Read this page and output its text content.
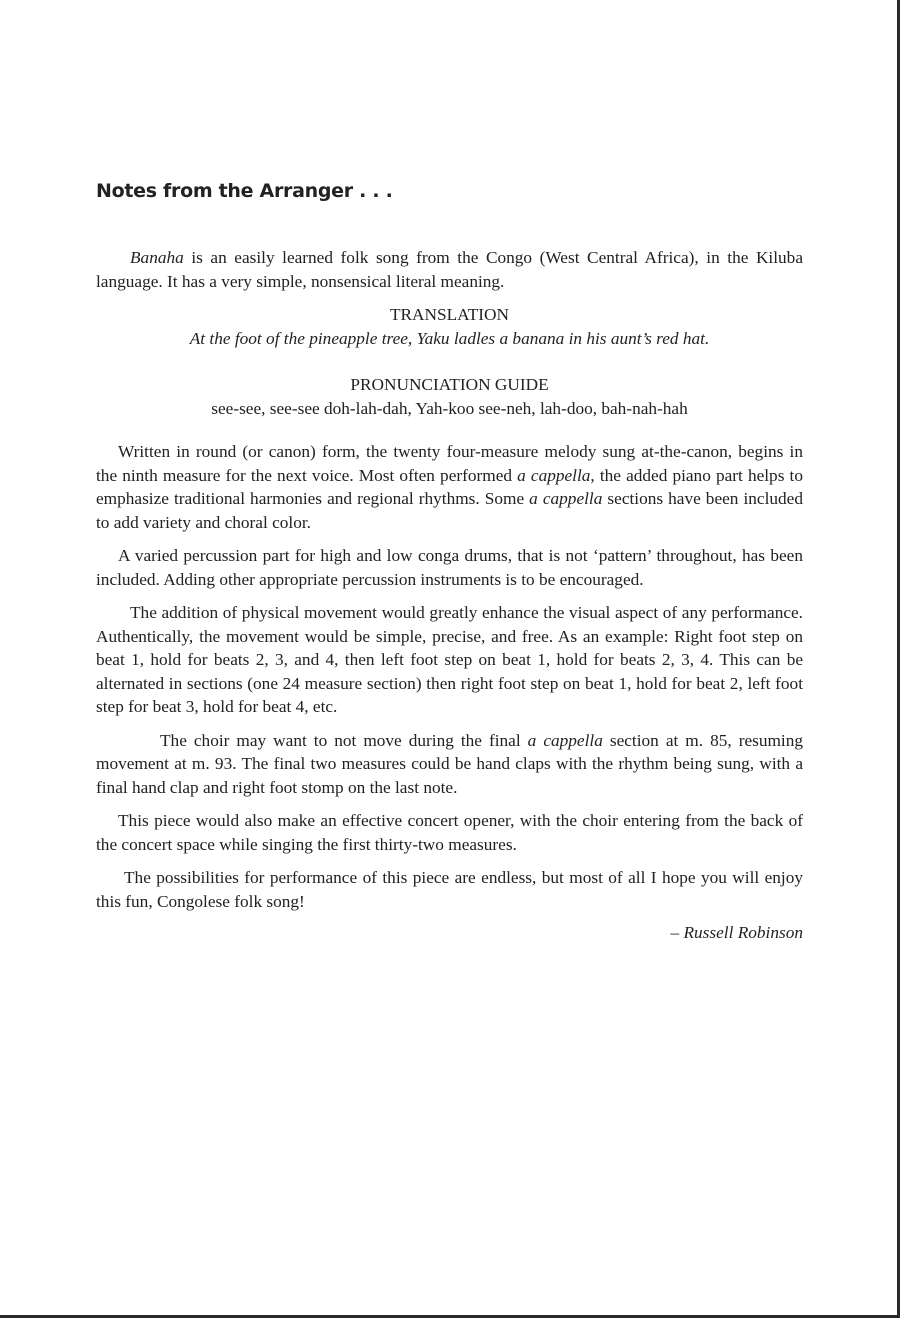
Notes from the Arranger . . .

Banaha is an easily learned folk song from the Congo (West Central Africa), in the Kiluba language. It has a very simple, nonsensical literal meaning.

TRANSLATION
At the foot of the pineapple tree, Yaku ladles a banana in his aunt’s red hat.
PRONUNCIATION GUIDE
see-see, see-see doh-lah-dah, Yah-koo see-neh, lah-doo, bah-nah-hah

Written in round (or canon) form, the twenty four-measure melody sung at-the-canon, begins in the ninth measure for the next voice. Most often performed a cappella, the added piano part helps to emphasize traditional harmonies and regional rhythms. Some a cappella sections have been included to add variety and choral color.

A varied percussion part for high and low conga drums, that is not ‘pattern’ throughout, has been included. Adding other appropriate percussion instruments is to be encouraged.

The addition of physical movement would greatly enhance the visual aspect of any performance. Authentically, the movement would be simple, precise, and free. As an example: Right foot step on beat 1, hold for beats 2, 3, and 4, then left foot step on beat 1, hold for beats 2, 3, 4. This can be alternated in sections (one 24 measure section) then right foot step on beat 1, hold for beat 2, left foot step for beat 3, hold for beat 4, etc.

The choir may want to not move during the final a cappella section at m. 85, resuming movement at m. 93. The final two measures could be hand claps with the rhythm being sung, with a final hand clap and right foot stomp on the last note.

This piece would also make an effective concert opener, with the choir entering from the back of the concert space while singing the first thirty-two measures.

The possibilities for performance of this piece are endless, but most of all I hope you will enjoy this fun, Congolese folk song!

– Russell Robinson
